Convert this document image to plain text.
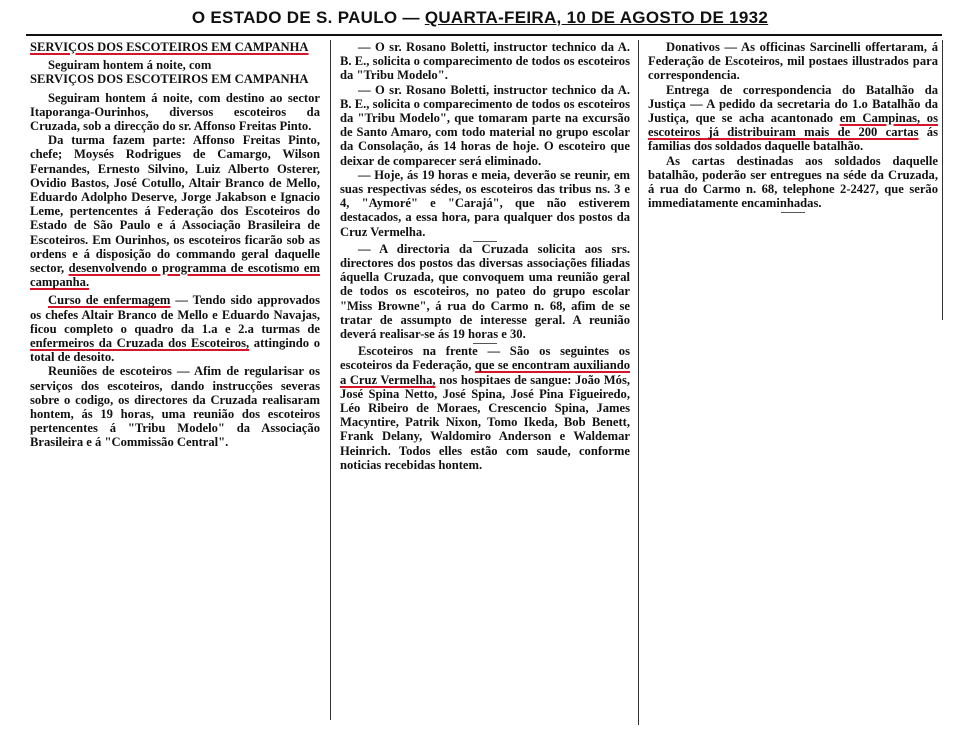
O ESTADO DE S. PAULO — QUARTA-FEIRA, 10 DE AGOSTO DE 1932

SERVIÇOS DOS ESCOTEIROS EM CAMPANHA

Seguiram hontem á noite, com

SERVIÇOS DOS ESCOTEIROS EM CAMPANHA

Seguiram hontem á noite, com destino ao sector Itaporanga-Ourinhos, diversos escoteiros da Cruzada, sob a direcção do sr. Affonso Freitas Pinto.

Da turma fazem parte: Affonso Freitas Pinto, chefe; Moysés Rodrigues de Camargo, Wilson Fernandes, Ernesto Silvino, Luiz Alberto Osterer, Ovidio Bastos, José Cotullo, Altair Branco de Mello, Eduardo Adolpho Deserve, Jorge Jakabson e Ignacio Leme, pertencentes á Federação dos Escoteiros do Estado de São Paulo e á Associação Brasileira de Escoteiros. Em Ourinhos, os escoteiros ficarão sob as ordens e á disposição do commando geral daquelle sector, desenvolvendo o programma de escotismo em campanha.

Curso de enfermagem — Tendo sido approvados os chefes Altair Branco de Mello e Eduardo Navajas, ficou completo o quadro da 1.a e 2.a turmas de enfermeiros da Cruzada dos Escoteiros, attingindo o total de desoito.

Reuniões de escoteiros — Afim de regularisar os serviços dos escoteiros, dando instrucções severas sobre o codigo, os directores da Cruzada realisaram hontem, ás 19 horas, uma reunião dos escoteiros pertencentes á "Tribu Modelo" da Associação Brasileira e á "Commissão Central".

— O sr. Rosano Boletti, instructor technico da A. B. E., solicita o comparecimento de todos os escoteiros da "Tribu Modelo".

— O sr. Rosano Boletti, instructor technico da A. B. E., solicita o comparecimento de todos os escoteiros da "Tribu Modelo", que tomaram parte na excursão de Santo Amaro, com todo material no grupo escolar da Consolação, ás 14 horas de hoje. O escoteiro que deixar de comparecer será eliminado.

— Hoje, ás 19 horas e meia, deverão se reunir, em suas respectivas sédes, os escoteiros das tribus ns. 3 e 4, "Aymoré" e "Carajá", que não estiverem destacados, a essa hora, para qualquer dos postos da Cruz Vermelha.

— A directoria da Cruzada solicita aos srs. directores dos postos das diversas associações filiadas áquella Cruzada, que convoquem uma reunião geral de todos os escoteiros, no pateo do grupo escolar "Miss Browne", á rua do Carmo n. 68, afim de se tratar de assumpto de interesse geral. A reunião deverá realisar-se ás 19 horas e 30.

Escoteiros na frente — São os seguintes os escoteiros da Federação, que se encontram auxiliando a Cruz Vermelha, nos hospitaes de sangue: João Mós, José Spina Netto, José Spina, José Pina Figueiredo, Léo Ribeiro de Moraes, Crescencio Spina, James Macyntire, Patrik Nixon, Tomo Ikeda, Bob Benett, Frank Delany, Waldomiro Anderson e Waldemar Heinrich. Todos elles estão com saude, conforme noticias recebidas hontem.

Donativos — As officinas Sarcinelli offertaram, á Federação de Escoteiros, mil postaes illustrados para correspondencia.

Entrega de correspondencia do Batalhão da Justiça — A pedido da secretaria do 1.o Batalhão da Justiça, que se acha acantonado em Campinas, os escoteiros já distribuiram mais de 200 cartas ás familias dos soldados daquelle batalhão.

As cartas destinadas aos soldados daquelle batalhão, poderão ser entregues na séde da Cruzada, á rua do Carmo n. 68, telephone 2-2427, que serão immediatamente encaminhadas.
